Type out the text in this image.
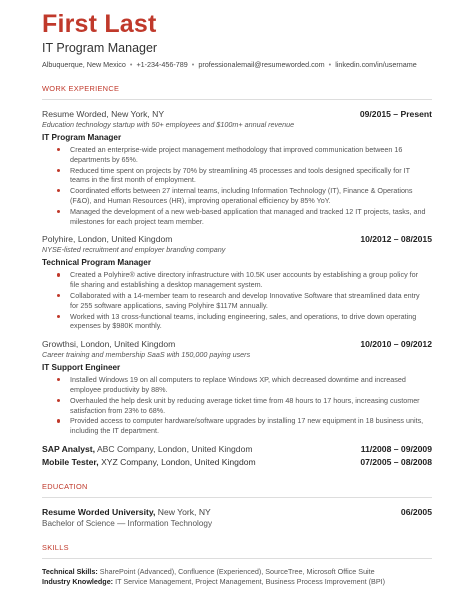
First Last
IT Program Manager
Albuquerque, New Mexico • +1-234-456-789 • professionalemail@resumeworded.com • linkedin.com/in/username
WORK EXPERIENCE
Resume Worded, New York, NY	09/2015 – Present
Education technology startup with 50+ employees and $100m+ annual revenue
IT Program Manager
Created an enterprise-wide project management methodology that improved communication between 16 departments by 65%.
Reduced time spent on projects by 70% by streamlining 45 processes and tools designed specifically for IT teams in the first month of employment.
Coordinated efforts between 27 internal teams, including Information Technology (IT), Finance & Operations (F&O), and Human Resources (HR), improving operational efficiency by 85% YoY.
Managed the development of a new web-based application that managed and tracked 12 IT projects, tasks, and milestones for each project team member.
Polyhire, London, United Kingdom	10/2012 – 08/2015
NYSE-listed recruitment and employer branding company
Technical Program Manager
Created a Polyhire® active directory infrastructure with 10.5K user accounts by establishing a group policy for file sharing and establishing a desktop management system.
Collaborated with a 14-member team to research and develop Innovative Software that streamlined data entry for 255 software applications, saving Polyhire $117M annually.
Worked with 13 cross-functional teams, including engineering, sales, and operations, to drive down operating expenses by $980K monthly.
Growthsi, London, United Kingdom	10/2010 – 09/2012
Career training and membership SaaS with 150,000 paying users
IT Support Engineer
Installed Windows 19 on all computers to replace Windows XP, which decreased downtime and increased employee productivity by 88%.
Overhauled the help desk unit by reducing average ticket time from 48 hours to 17 hours, increasing customer satisfaction from 23% to 68%.
Provided access to computer hardware/software upgrades by installing 17 new equipment in 18 business units, including the IT department.
SAP Analyst, ABC Company, London, United Kingdom	11/2008 – 09/2009
Mobile Tester, XYZ Company, London, United Kingdom	07/2005 – 08/2008
EDUCATION
Resume Worded University, New York, NY	06/2005
Bachelor of Science — Information Technology
SKILLS
Technical Skills: SharePoint (Advanced), Confluence (Experienced), SourceTree, Microsoft Office Suite
Industry Knowledge: IT Service Management, Project Management, Business Process Improvement (BPI)
